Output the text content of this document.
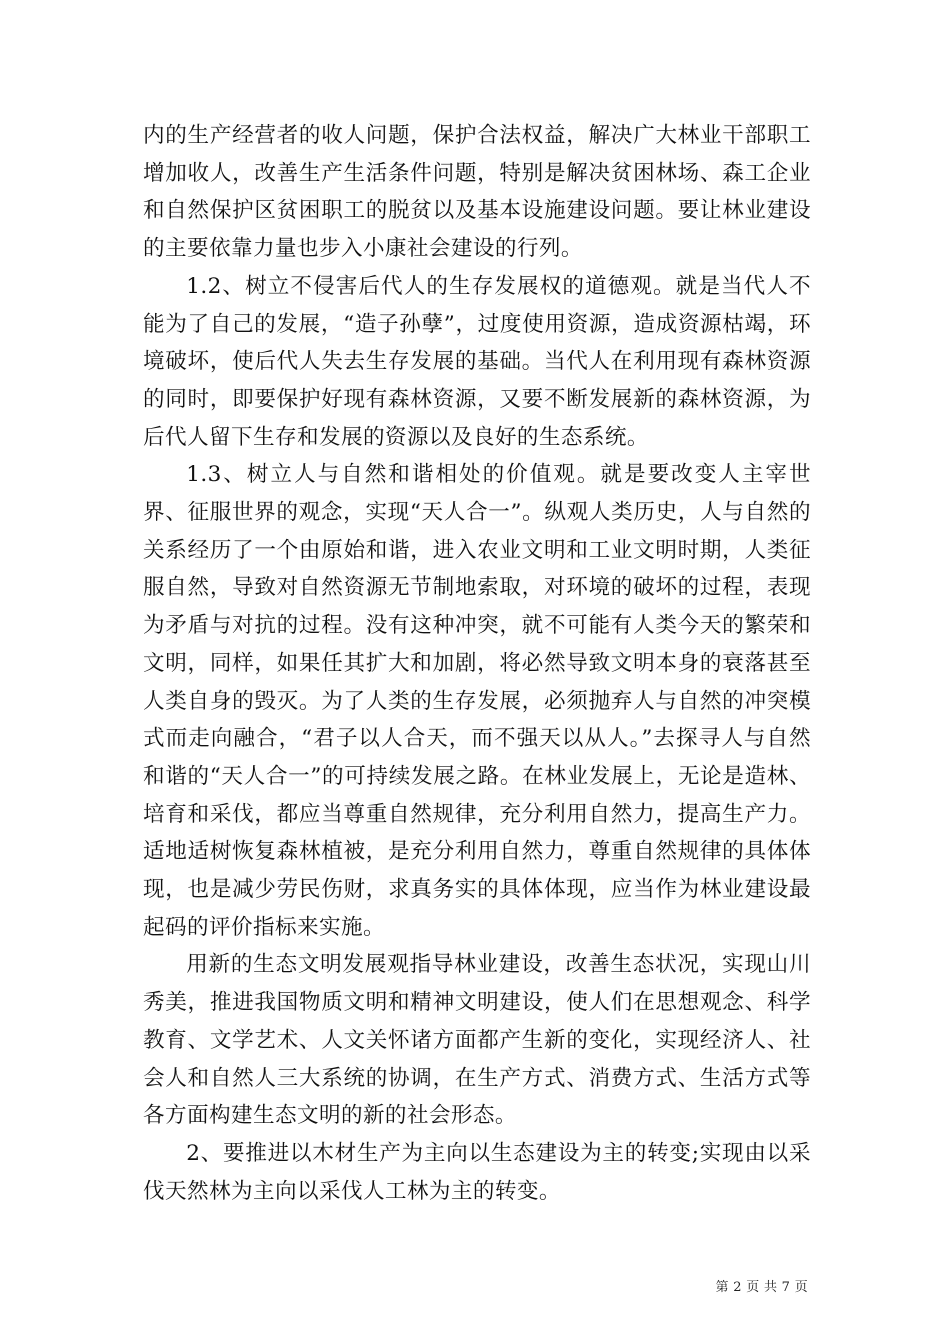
内的生产经营者的收人问题，保护合法权益，解决广大林业干部职工增加收人，改善生产生活条件问题，特别是解决贫困林场、森工企业和自然保护区贫困职工的脱贫以及基本设施建设问题。要让林业建设的主要依靠力量也步入小康社会建设的行列。

1.2、树立不侵害后代人的生存发展权的道德观。就是当代人不能为了自己的发展，“造子孙孽”，过度使用资源，造成资源枯竭，环境破坏，使后代人失去生存发展的基础。当代人在利用现有森林资源的同时，即要保护好现有森林资源，又要不断发展新的森林资源，为后代人留下生存和发展的资源以及良好的生态系统。

1.3、树立人与自然和谐相处的价值观。就是要改变人主宰世界、征服世界的观念，实现“天人合一”。纵观人类历史，人与自然的关系经历了一个由原始和谐，进入农业文明和工业文明时期，人类征服自然，导致对自然资源无节制地索取，对环境的破坏的过程，表现为矛盾与对抗的过程。没有这种冲突，就不可能有人类今天的繁荣和文明，同样，如果任其扩大和加剧，将必然导致文明本身的衰落甚至人类自身的毁灭。为了人类的生存发展，必须抛弃人与自然的冲突模式而走向融合，“君子以人合天，而不强天以从人。”去探寻人与自然和谐的“天人合一”的可持续发展之路。在林业发展上，无论是造林、培育和采伐，都应当尊重自然规律，充分利用自然力，提高生产力。适地适树恢复森林植被，是充分利用自然力，尊重自然规律的具体体现，也是减少劳民伤财，求真务实的具体体现，应当作为林业建设最起码的评价指标来实施。

用新的生态文明发展观指导林业建设，改善生态状况，实现山川秀美，推进我国物质文明和精神文明建设，使人们在思想观念、科学教育、文学艺术、人文关怀诸方面都产生新的变化，实现经济人、社会人和自然人三大系统的协调，在生产方式、消费方式、生活方式等各方面构建生态文明的新的社会形态。

2、要推进以木材生产为主向以生态建设为主的转变;实现由以采伐天然林为主向以采伐人工林为主的转变。

第 2 页 共 7 页
